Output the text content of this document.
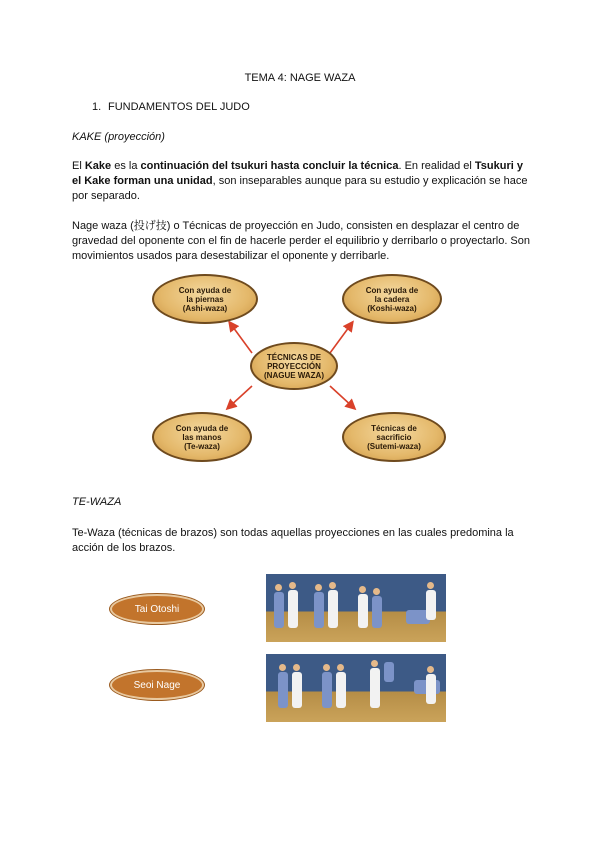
TEMA 4: NAGE WAZA
1. FUNDAMENTOS DEL JUDO
KAKE (proyección)
El Kake es la continuación del tsukuri hasta concluir la técnica. En realidad el Tsukuri y el Kake forman una unidad, son inseparables aunque para su estudio y explicación se hace por separado.
Nage waza (投げ技) o Técnicas de proyección en Judo, consisten en desplazar el centro de gravedad del oponente con el fin de hacerle perder el equilibrio y derribarlo o proyectarlo. Son movimientos usados para desestabilizar el oponente y derribarle.
Con ayuda de
la piernas
(Ashi-waza)
Con ayuda de
la cadera
(Koshi-waza)
TÉCNICAS DE
PROYECCIÓN
(NAGUE WAZA)
Con ayuda de
las manos
(Te-waza)
Técnicas de
sacrificio
(Sutemi-waza)
TE-WAZA
Te-Waza (técnicas de brazos) son todas aquellas proyecciones en las cuales predomina la acción de los brazos.
Tai Otoshi
Seoi Nage
